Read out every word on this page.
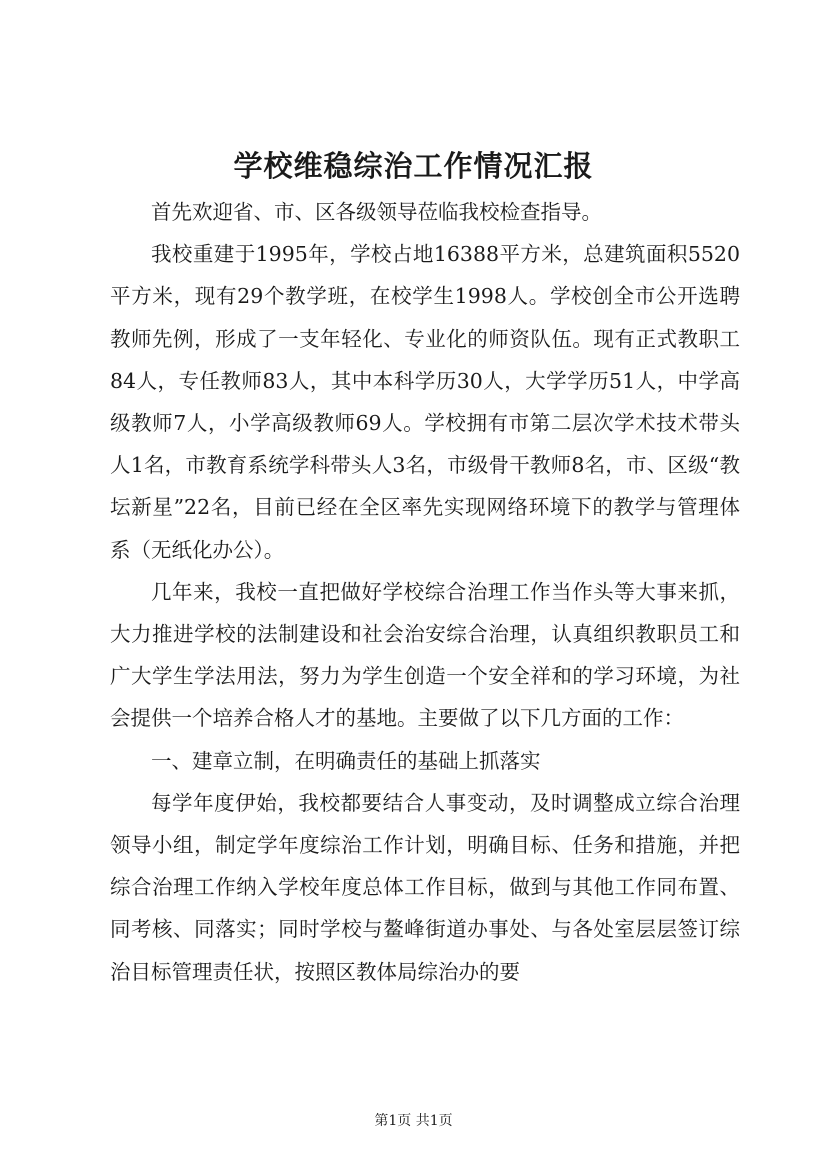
学校维稳综治工作情况汇报

首先欢迎省、市、区各级领导莅临我校检查指导。

我校重建于1995年，学校占地16388平方米，总建筑面积5520平方米，现有29个教学班，在校学生1998人。学校创全市公开选聘教师先例，形成了一支年轻化、专业化的师资队伍。现有正式教职工84人，专任教师83人，其中本科学历30人，大学学历51人，中学高级教师7人，小学高级教师69人。学校拥有市第二层次学术技术带头人1名，市教育系统学科带头人3名，市级骨干教师8名，市、区级“教坛新星”22名，目前已经在全区率先实现网络环境下的教学与管理体系（无纸化办公）。

几年来，我校一直把做好学校综合治理工作当作头等大事来抓，大力推进学校的法制建设和社会治安综合治理，认真组织教职员工和广大学生学法用法，努力为学生创造一个安全祥和的学习环境，为社会提供一个培养合格人才的基地。主要做了以下几方面的工作：

一、建章立制，在明确责任的基础上抓落实

每学年度伊始，我校都要结合人事变动，及时调整成立综合治理领导小组，制定学年度综治工作计划，明确目标、任务和措施，并把综合治理工作纳入学校年度总体工作目标，做到与其他工作同布置、同考核、同落实；同时学校与鳌峰街道办事处、与各处室层层签订综治目标管理责任状，按照区教体局综治办的要

第1页 共1页
